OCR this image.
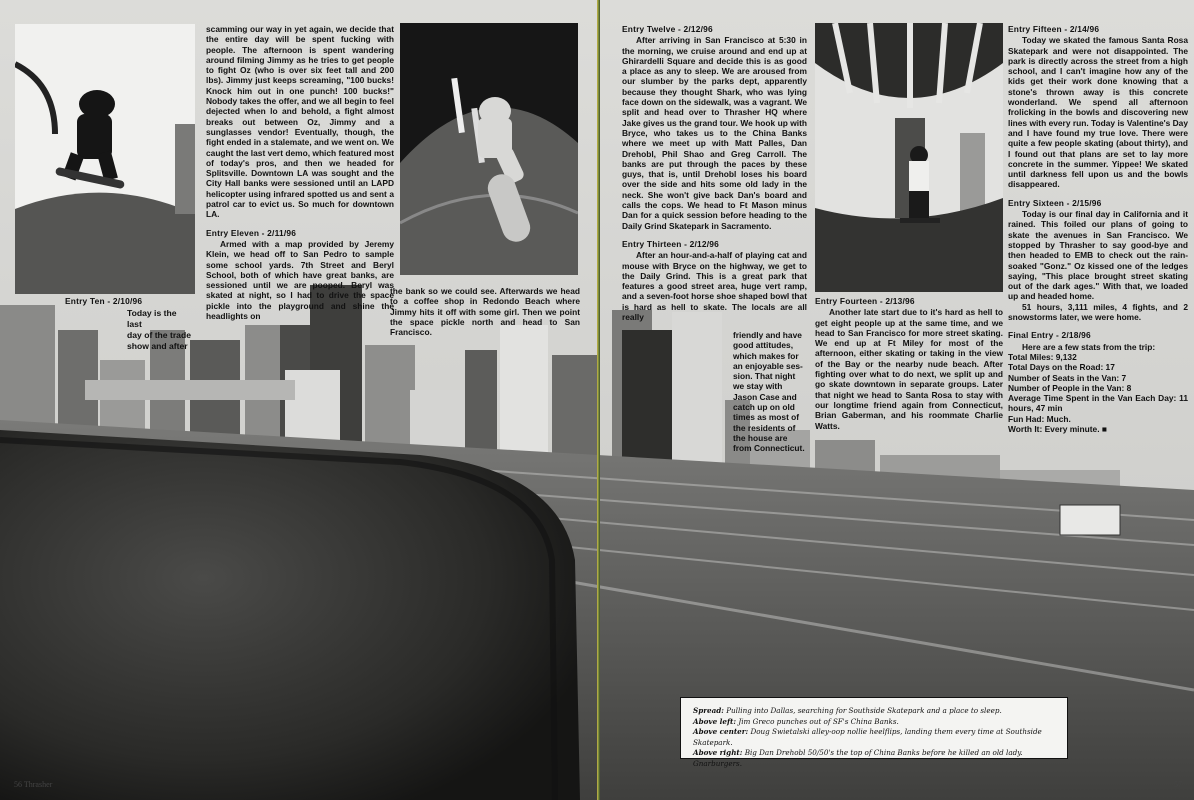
Entry Ten - 2/10/96
Today is the last
day of the trade
show and after

scamming our way in yet again, we decide that the entire day will be spent fucking with people. The afternoon is spent wandering around filming Jimmy as he tries to get people to fight Oz (who is over six feet tall and 200 lbs). Jimmy just keeps screaming, "100 bucks! Knock him out in one punch! 100 bucks!" Nobody takes the offer, and we all begin to feel dejected when lo and behold, a fight almost breaks out between Oz, Jimmy and a sunglasses vendor! Eventually, though, the fight ended in a stalemate, and we went on. We caught the last vert demo, which featured most of today's pros, and then we headed for Splitsville. Downtown LA was sought and the City Hall banks were sessioned until an LAPD helicopter using infrared spotted us and sent a patrol car to evict us. So much for downtown LA.

Entry Eleven - 2/11/96

Armed with a map provided by Jeremy Klein, we head off to San Pedro to sample some school yards. 7th Street and Beryl School, both of which have great banks, are sessioned until we are pooped. Beryl was skated at night, so I had to drive the space pickle into the playground and shine the headlights on

the bank so we could see. Afterwards we head to a coffee shop in Redondo Beach where Jimmy hits it off with some girl. Then we point the space pickle north and head to San Francisco.

Entry Twelve - 2/12/96

After arriving in San Francisco at 5:30 in the morning, we cruise around and end up at Ghirardelli Square and decide this is as good a place as any to sleep. We are aroused from our slumber by the parks dept, apparently because they thought Shark, who was lying face down on the sidewalk, was a vagrant. We split and head over to Thrasher HQ where Jake gives us the grand tour. We hook up with Bryce, who takes us to the China Banks where we meet up with Matt Palles, Dan Drehobl, Phil Shao and Greg Carroll. The banks are put through the paces by these guys, that is, until Drehobl loses his board over the side and hits some old lady in the neck. She won't give back Dan's board and calls the cops. We head to Ft Mason minus Dan for a quick session before heading to the Daily Grind Skatepark in Sacramento.

Entry Thirteen - 2/12/96

After an hour-and-a-half of playing cat and mouse with Bryce on the highway, we get to the Daily Grind. This is a great park that features a good street area, huge vert ramp, and a seven-foot horse shoe shaped bowl that is hard as hell to skate. The locals are all really

friendly and have
good attitudes,
which makes for
an enjoyable ses-
sion. That night
we stay with
Jason Case and
catch up on old
times as most of
the residents of
the house are
from Connecticut.
Entry Fourteen - 2/13/96

Another late start due to it's hard as hell to get eight people up at the same time, and we head to San Francisco for more street skating. We end up at Ft Miley for most of the afternoon, either skating or taking in the view of the Bay or the nearby nude beach. After fighting over what to do next, we split up and go skate downtown in separate groups. Later that night we head to Santa Rosa to stay with our longtime friend again from Connecticut, Brian Gaberman, and his roommate Charlie Watts.

Entry Fifteen - 2/14/96

Today we skated the famous Santa Rosa Skatepark and were not disappointed. The park is directly across the street from a high school, and I can't imagine how any of the kids get their work done knowing that a stone's thrown away is this concrete wonderland. We spend all afternoon frolicking in the bowls and discovering new lines with every run. Today is Valentine's Day and I have found my true love. There were quite a few people skating (about thirty), and I found out that plans are set to lay more concrete in the summer. Yippee! We skated until darkness fell upon us and the bowls disappeared.

Entry Sixteen - 2/15/96

Today is our final day in California and it rained. This foiled our plans of going to skate the avenues in San Francisco. We stopped by Thrasher to say good-bye and then headed to EMB to check out the rain-soaked "Gonz." Oz kissed one of the ledges saying, "This place brought street skating out of the dark ages." With that, we loaded up and headed home.

51 hours, 3,111 miles, 4 fights, and 2 snowstorms later, we were home.

Final Entry - 2/18/96
Here are a few stats from the trip:
Total Miles: 9,132
Total Days on the Road: 17
Number of Seats in the Van: 7
Number of People in the Van: 8
Average Time Spent in the Van Each Day: 11 hours, 47 min
Fun Had: Much.
Worth It: Every minute. ■
Spread: Pulling into Dallas, searching for Southside Skatepark and a place to sleep.
Above left: Jim Greco punches out of SF's China Banks.
Above center: Doug Swietalski alley-oop nollie heelflips, landing them every time at Southside Skatepark.
Above right: Big Dan Drehobl 50/50's the top of China Banks before he killed an old lady. Gnarburgers.
56 Thrasher	57
